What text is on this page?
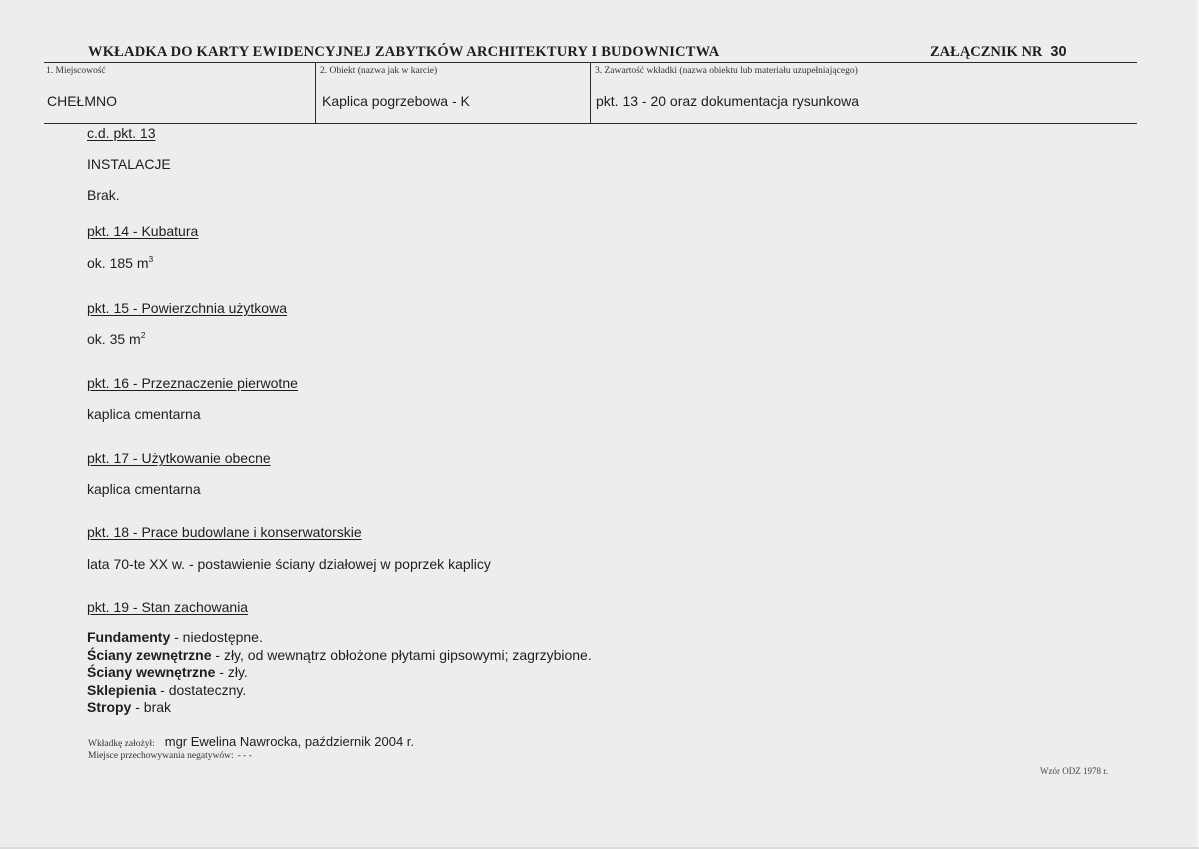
WKŁADKA DO KARTY EWIDENCYJNEJ ZABYTKÓW ARCHITEKTURY I BUDOWNICTWA	ZAŁĄCZNIK NR 30
1. Miejscowość
CHEŁMNO
2. Obiekt (nazwa jak w karcie)
Kaplica pogrzebowa - K
3. Zawartość wkładki (nazwa obiektu lub materiału uzupełniającego)
pkt. 13 - 20 oraz dokumentacja rysunkowa
c.d. pkt. 13
INSTALACJE
Brak.
pkt. 14 - Kubatura
ok. 185 $m^3$
pkt. 15 - Powierzchnia użytkowa
ok. 35 $m^2$
pkt. 16 - Przeznaczenie pierwotne
kaplica cmentarna
pkt. 17 - Użytkowanie obecne
kaplica cmentarna
pkt. 18 - Prace budowlane i konserwatorskie
lata 70-te XX w. - postawienie ściany działowej w poprzek kaplicy
pkt. 19 - Stan zachowania
Fundamenty - niedostępne.
Ściany zewnętrzne - zły, od wewnątrz obłożone płytami gipsowymi; zagrzybione.
Ściany wewnętrzne - zły.
Sklepienia - dostateczny.
Stropy - brak
Wkładkę założył: mgr Ewelina Nawrocka, październik 2004 r.
Miejsce przechowywania negatywów: - - -
Wzór ODZ 1978 r.
